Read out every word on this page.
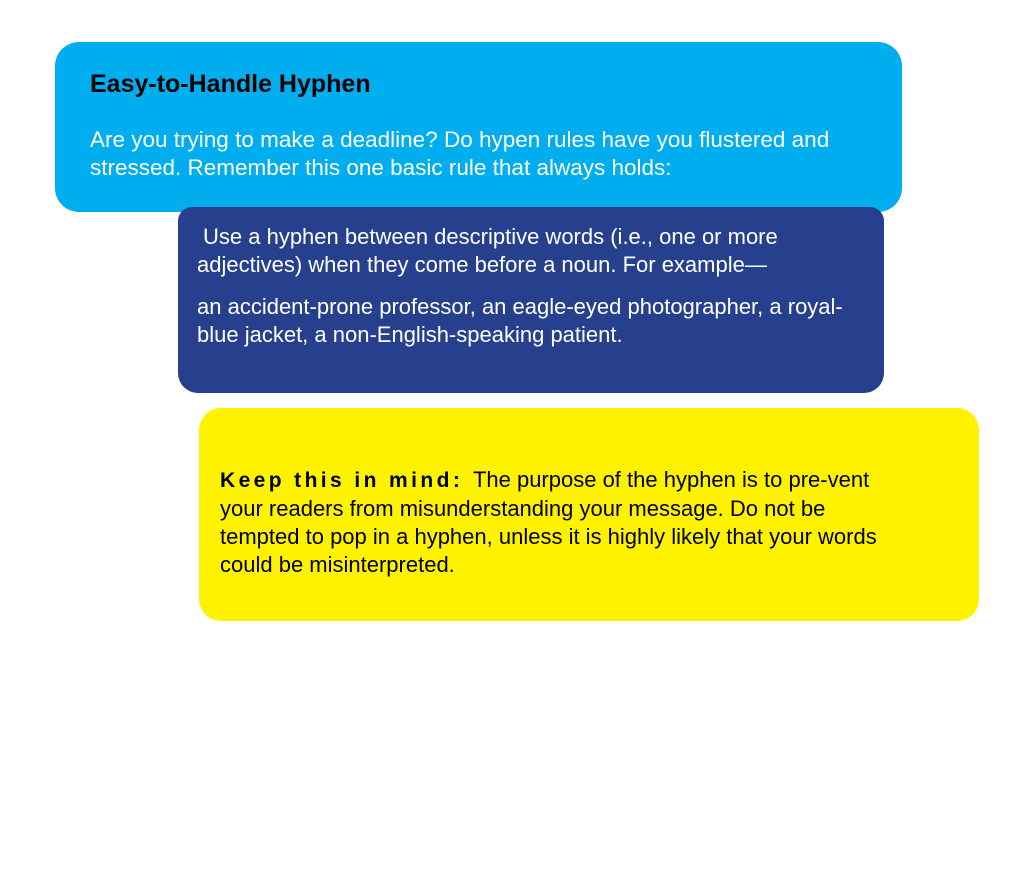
Easy-to-Handle Hyphen

Are you trying to make a deadline? Do hypen rules have you flustered and stressed. Remember this one basic rule that always holds:

Use a hyphen between descriptive words (i.e., one or more adjectives) when they come before a noun. For example—

an accident-prone professor, an eagle-eyed photographer, a royal-blue jacket, a non-English-speaking patient.

Keep this in mind: The purpose of the hyphen is to pre-vent your readers from misunderstanding your message. Do not be tempted to pop in a hyphen, unless it is highly likely that your words could be misinterpreted.
